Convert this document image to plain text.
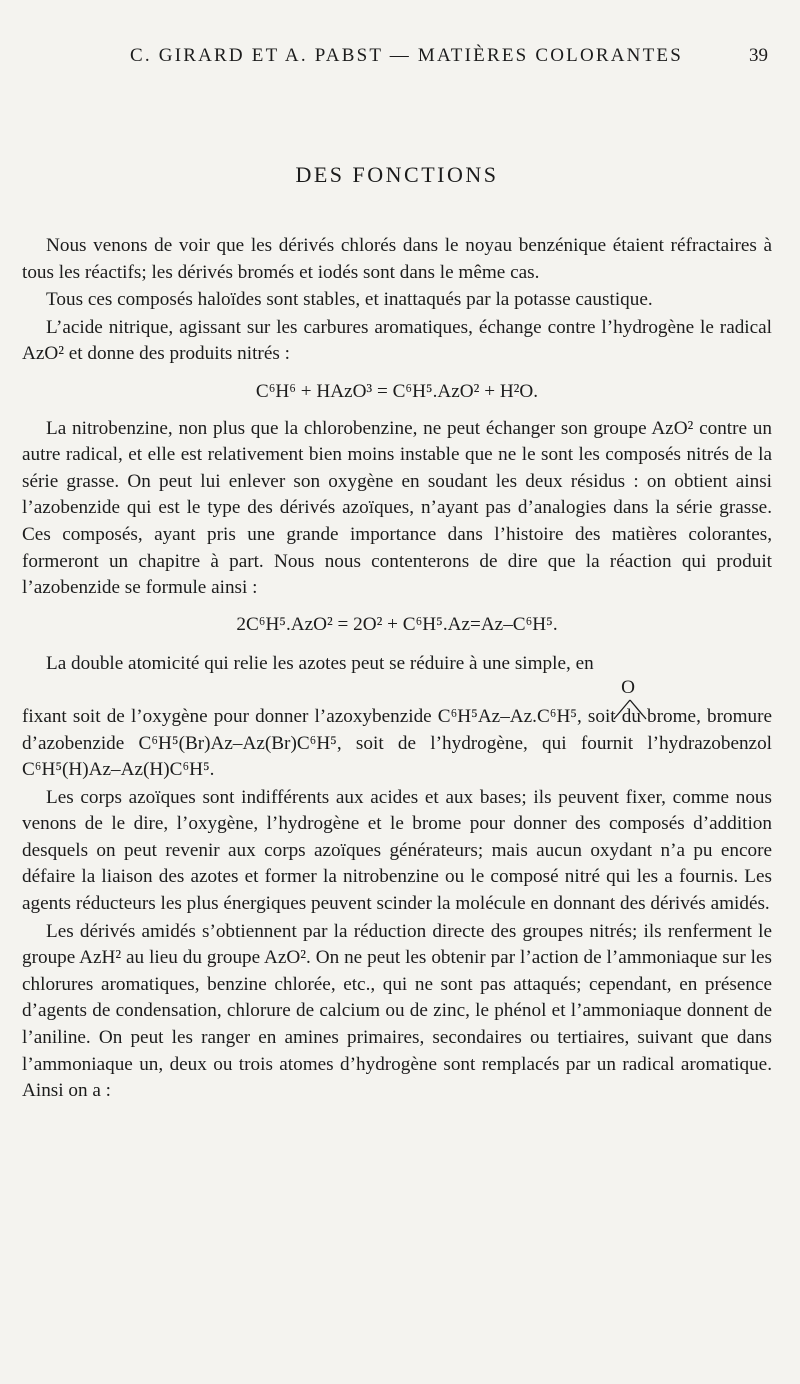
C. GIRARD ET A. PABST — MATIÈRES COLORANTES	39
DES FONCTIONS

Nous venons de voir que les dérivés chlorés dans le noyau benzénique étaient réfractaires à tous les réactifs; les dérivés bromés et iodés sont dans le même cas.

Tous ces composés haloïdes sont stables, et inattaqués par la potasse caustique.

L’acide nitrique, agissant sur les carbures aromatiques, échange contre l’hydrogène le radical AzO² et donne des produits nitrés :

C⁶H⁶ + HAzO³ = C⁶H⁵.AzO² + H²O.

La nitrobenzine, non plus que la chlorobenzine, ne peut échanger son groupe AzO² contre un autre radical, et elle est relativement bien moins instable que ne le sont les composés nitrés de la série grasse. On peut lui enlever son oxygène en soudant les deux résidus : on obtient ainsi l’azobenzide qui est le type des dérivés azoïques, n’ayant pas d’analogies dans la série grasse. Ces composés, ayant pris une grande importance dans l’histoire des matières colorantes, formeront un chapitre à part. Nous nous contenterons de dire que la réaction qui produit l’azobenzide se formule ainsi :

2C⁶H⁵.AzO² = 2O² + C⁶H⁵.Az=Az–C⁶H⁵.

La double atomicité qui relie les azotes peut se réduire à une simple, en

O

fixant soit de l’oxygène pour donner l’azoxybenzide C⁶H⁵Az–Az.C⁶H⁵, soit du brome, bromure d’azobenzide C⁶H⁵(Br)Az–Az(Br)C⁶H⁵, soit de l’hydrogène, qui fournit l’hydrazobenzol C⁶H⁵(H)Az–Az(H)C⁶H⁵.

Les corps azoïques sont indifférents aux acides et aux bases; ils peuvent fixer, comme nous venons de le dire, l’oxygène, l’hydrogène et le brome pour donner des composés d’addition desquels on peut revenir aux corps azoïques générateurs; mais aucun oxydant n’a pu encore défaire la liaison des azotes et former la nitrobenzine ou le composé nitré qui les a fournis. Les agents réducteurs les plus énergiques peuvent scinder la molécule en donnant des dérivés amidés.

Les dérivés amidés s’obtiennent par la réduction directe des groupes nitrés; ils renferment le groupe AzH² au lieu du groupe AzO². On ne peut les obtenir par l’action de l’ammoniaque sur les chlorures aromatiques, benzine chlorée, etc., qui ne sont pas attaqués; cependant, en présence d’agents de condensation, chlorure de calcium ou de zinc, le phénol et l’ammoniaque donnent de l’aniline. On peut les ranger en amines primaires, secondaires ou tertiaires, suivant que dans l’ammoniaque un, deux ou trois atomes d’hydrogène sont remplacés par un radical aromatique. Ainsi on a :
